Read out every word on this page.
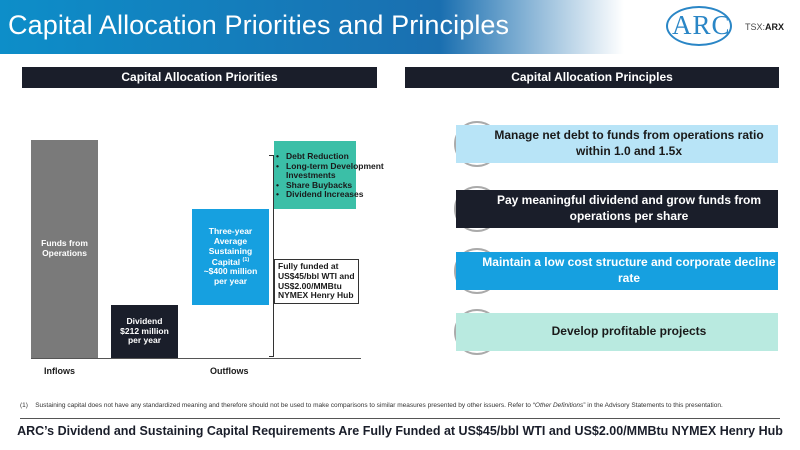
Capital Allocation Priorities and Principles	ARC TSX:ARX
Capital Allocation Priorities	Capital Allocation Principles
Funds from
Operations
Dividend
$212 million
per year
Three-year
Average
Sustaining
Capital $^{(1)}$
~$400 million
per year
• Debt Reduction
• Long-term Development Investments
• Share Buybacks
• Dividend Increases
Fully funded at US$45/bbl WTI and US$2.00/MMBtu NYMEX Henry Hub
Inflows	Outflows
Manage net debt to funds from operations ratio within 1.0 and 1.5x
Pay meaningful dividend and grow funds from operations per share
Maintain a low cost structure and corporate decline rate
Develop profitable projects
(1) Sustaining capital does not have any standardized meaning and therefore should not be used to make comparisons to similar measures presented by other issuers. Refer to “Other Definitions” in the Advisory Statements to this presentation.
ARC’s Dividend and Sustaining Capital Requirements Are Fully Funded at US$45/bbl WTI and US$2.00/MMBtu NYMEX Henry Hub
